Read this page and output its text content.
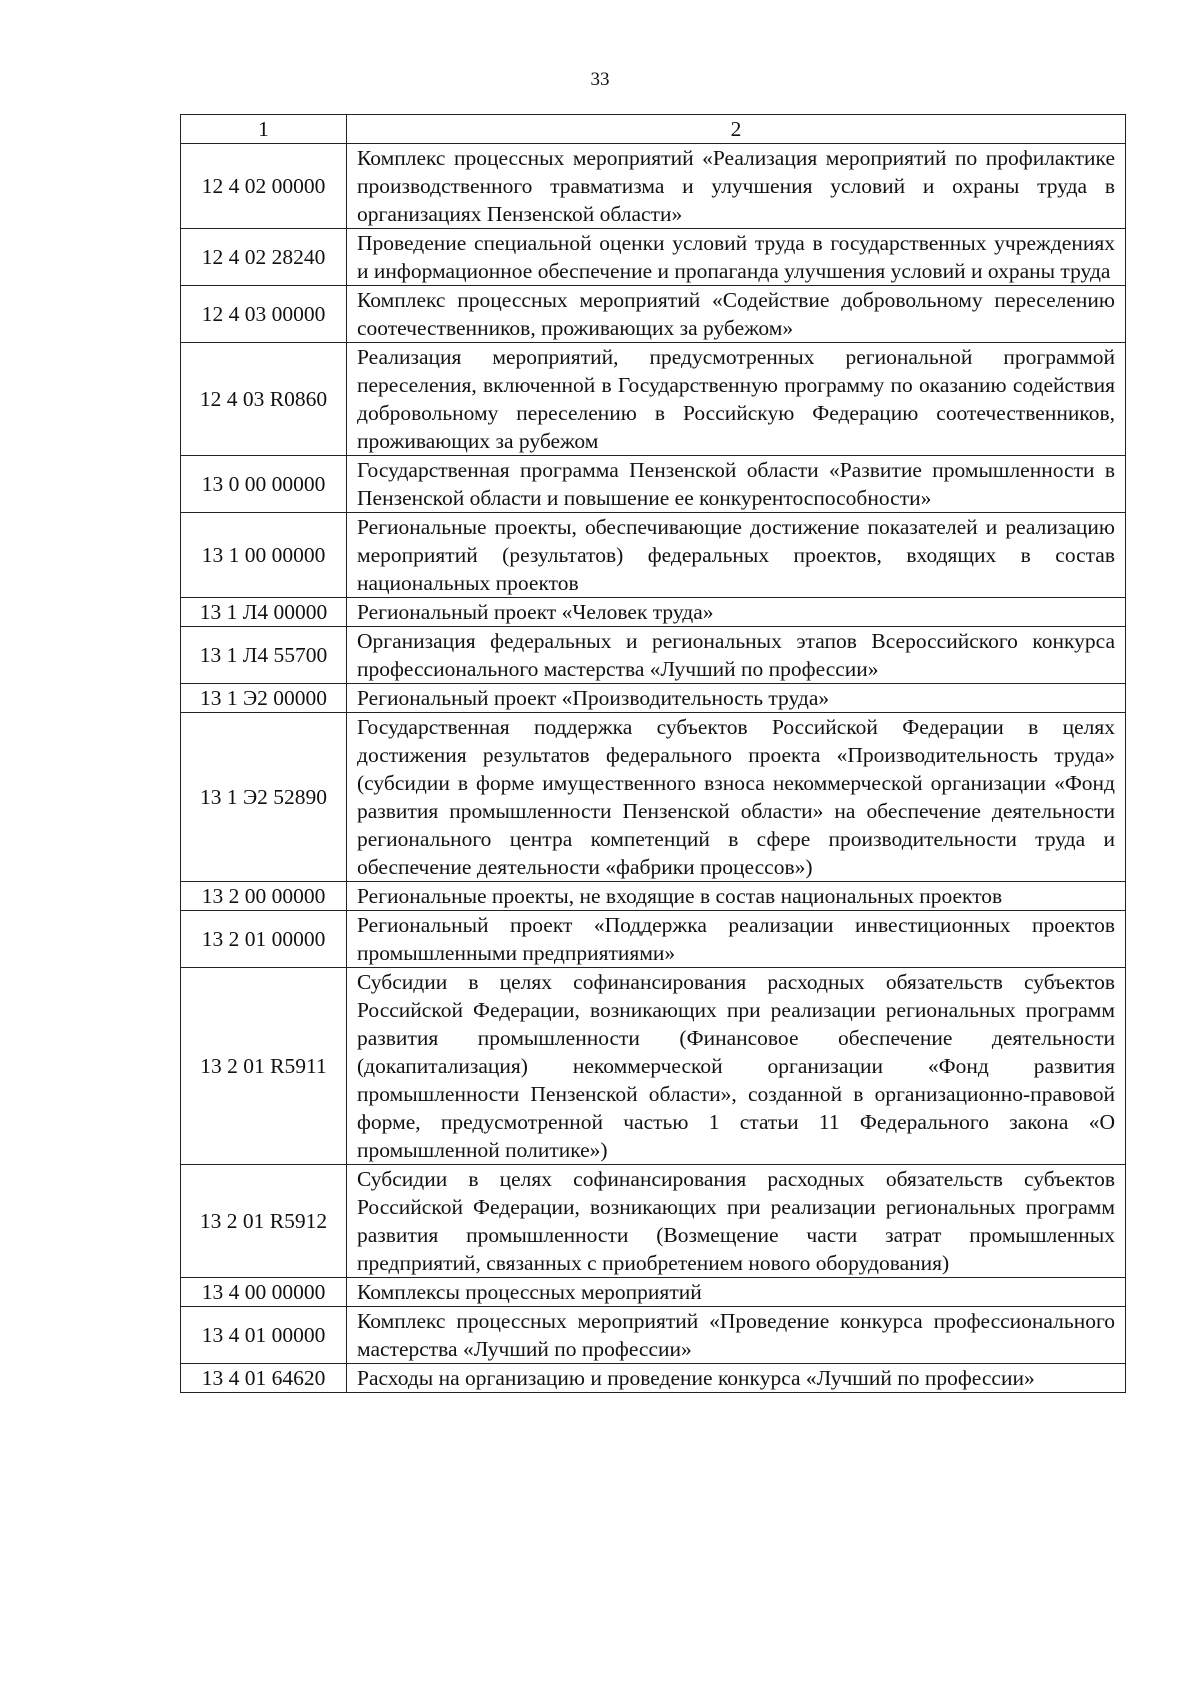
33
1	2
12 4 02 00000	Комплекс процессных мероприятий «Реализация мероприятий по профилактике производственного травматизма и улучшения условий и охраны труда в организациях Пензенской области»
12 4 02 28240	Проведение специальной оценки условий труда в государственных учреждениях и информационное обеспечение и пропаганда улучшения условий и охраны труда
12 4 03 00000	Комплекс процессных мероприятий «Содействие добровольному переселению соотечественников, проживающих за рубежом»
12 4 03 R0860	Реализация мероприятий, предусмотренных региональной программой переселения, включенной в Государственную программу по оказанию содействия добровольному переселению в Российскую Федерацию соотечественников, проживающих за рубежом
13 0 00 00000	Государственная программа Пензенской области «Развитие промышленности в Пензенской области и повышение ее конкурентоспособности»
13 1 00 00000	Региональные проекты, обеспечивающие достижение показателей и реализацию мероприятий (результатов) федеральных проектов, входящих в состав национальных проектов
13 1 Л4 00000	Региональный проект «Человек труда»
13 1 Л4 55700	Организация федеральных и региональных этапов Всероссийского конкурса профессионального мастерства «Лучший по профессии»
13 1 Э2 00000	Региональный проект «Производительность труда»
13 1 Э2 52890	Государственная поддержка субъектов Российской Федерации в целях достижения результатов федерального проекта «Производительность труда» (субсидии в форме имущественного взноса некоммерческой организации «Фонд развития промышленности Пензенской области» на обеспечение деятельности регионального центра компетенций в сфере производительности труда и обеспечение деятельности «фабрики процессов»)
13 2 00 00000	Региональные проекты, не входящие в состав национальных проектов
13 2 01 00000	Региональный проект «Поддержка реализации инвестиционных проектов промышленными предприятиями»
13 2 01 R5911	Субсидии в целях софинансирования расходных обязательств субъектов Российской Федерации, возникающих при реализации региональных программ развития промышленности (Финансовое обеспечение деятельности (докапитализация) некоммерческой организации «Фонд развития промышленности Пензенской области», созданной в организационно-правовой форме, предусмотренной частью 1 статьи 11 Федерального закона «О промышленной политике»)
13 2 01 R5912	Субсидии в целях софинансирования расходных обязательств субъектов Российской Федерации, возникающих при реализации региональных программ развития промышленности (Возмещение части затрат промышленных предприятий, связанных с приобретением нового оборудования)
13 4 00 00000	Комплексы процессных мероприятий
13 4 01 00000	Комплекс процессных мероприятий «Проведение конкурса профессионального мастерства «Лучший по профессии»
13 4 01 64620	Расходы на организацию и проведение конкурса «Лучший по профессии»
